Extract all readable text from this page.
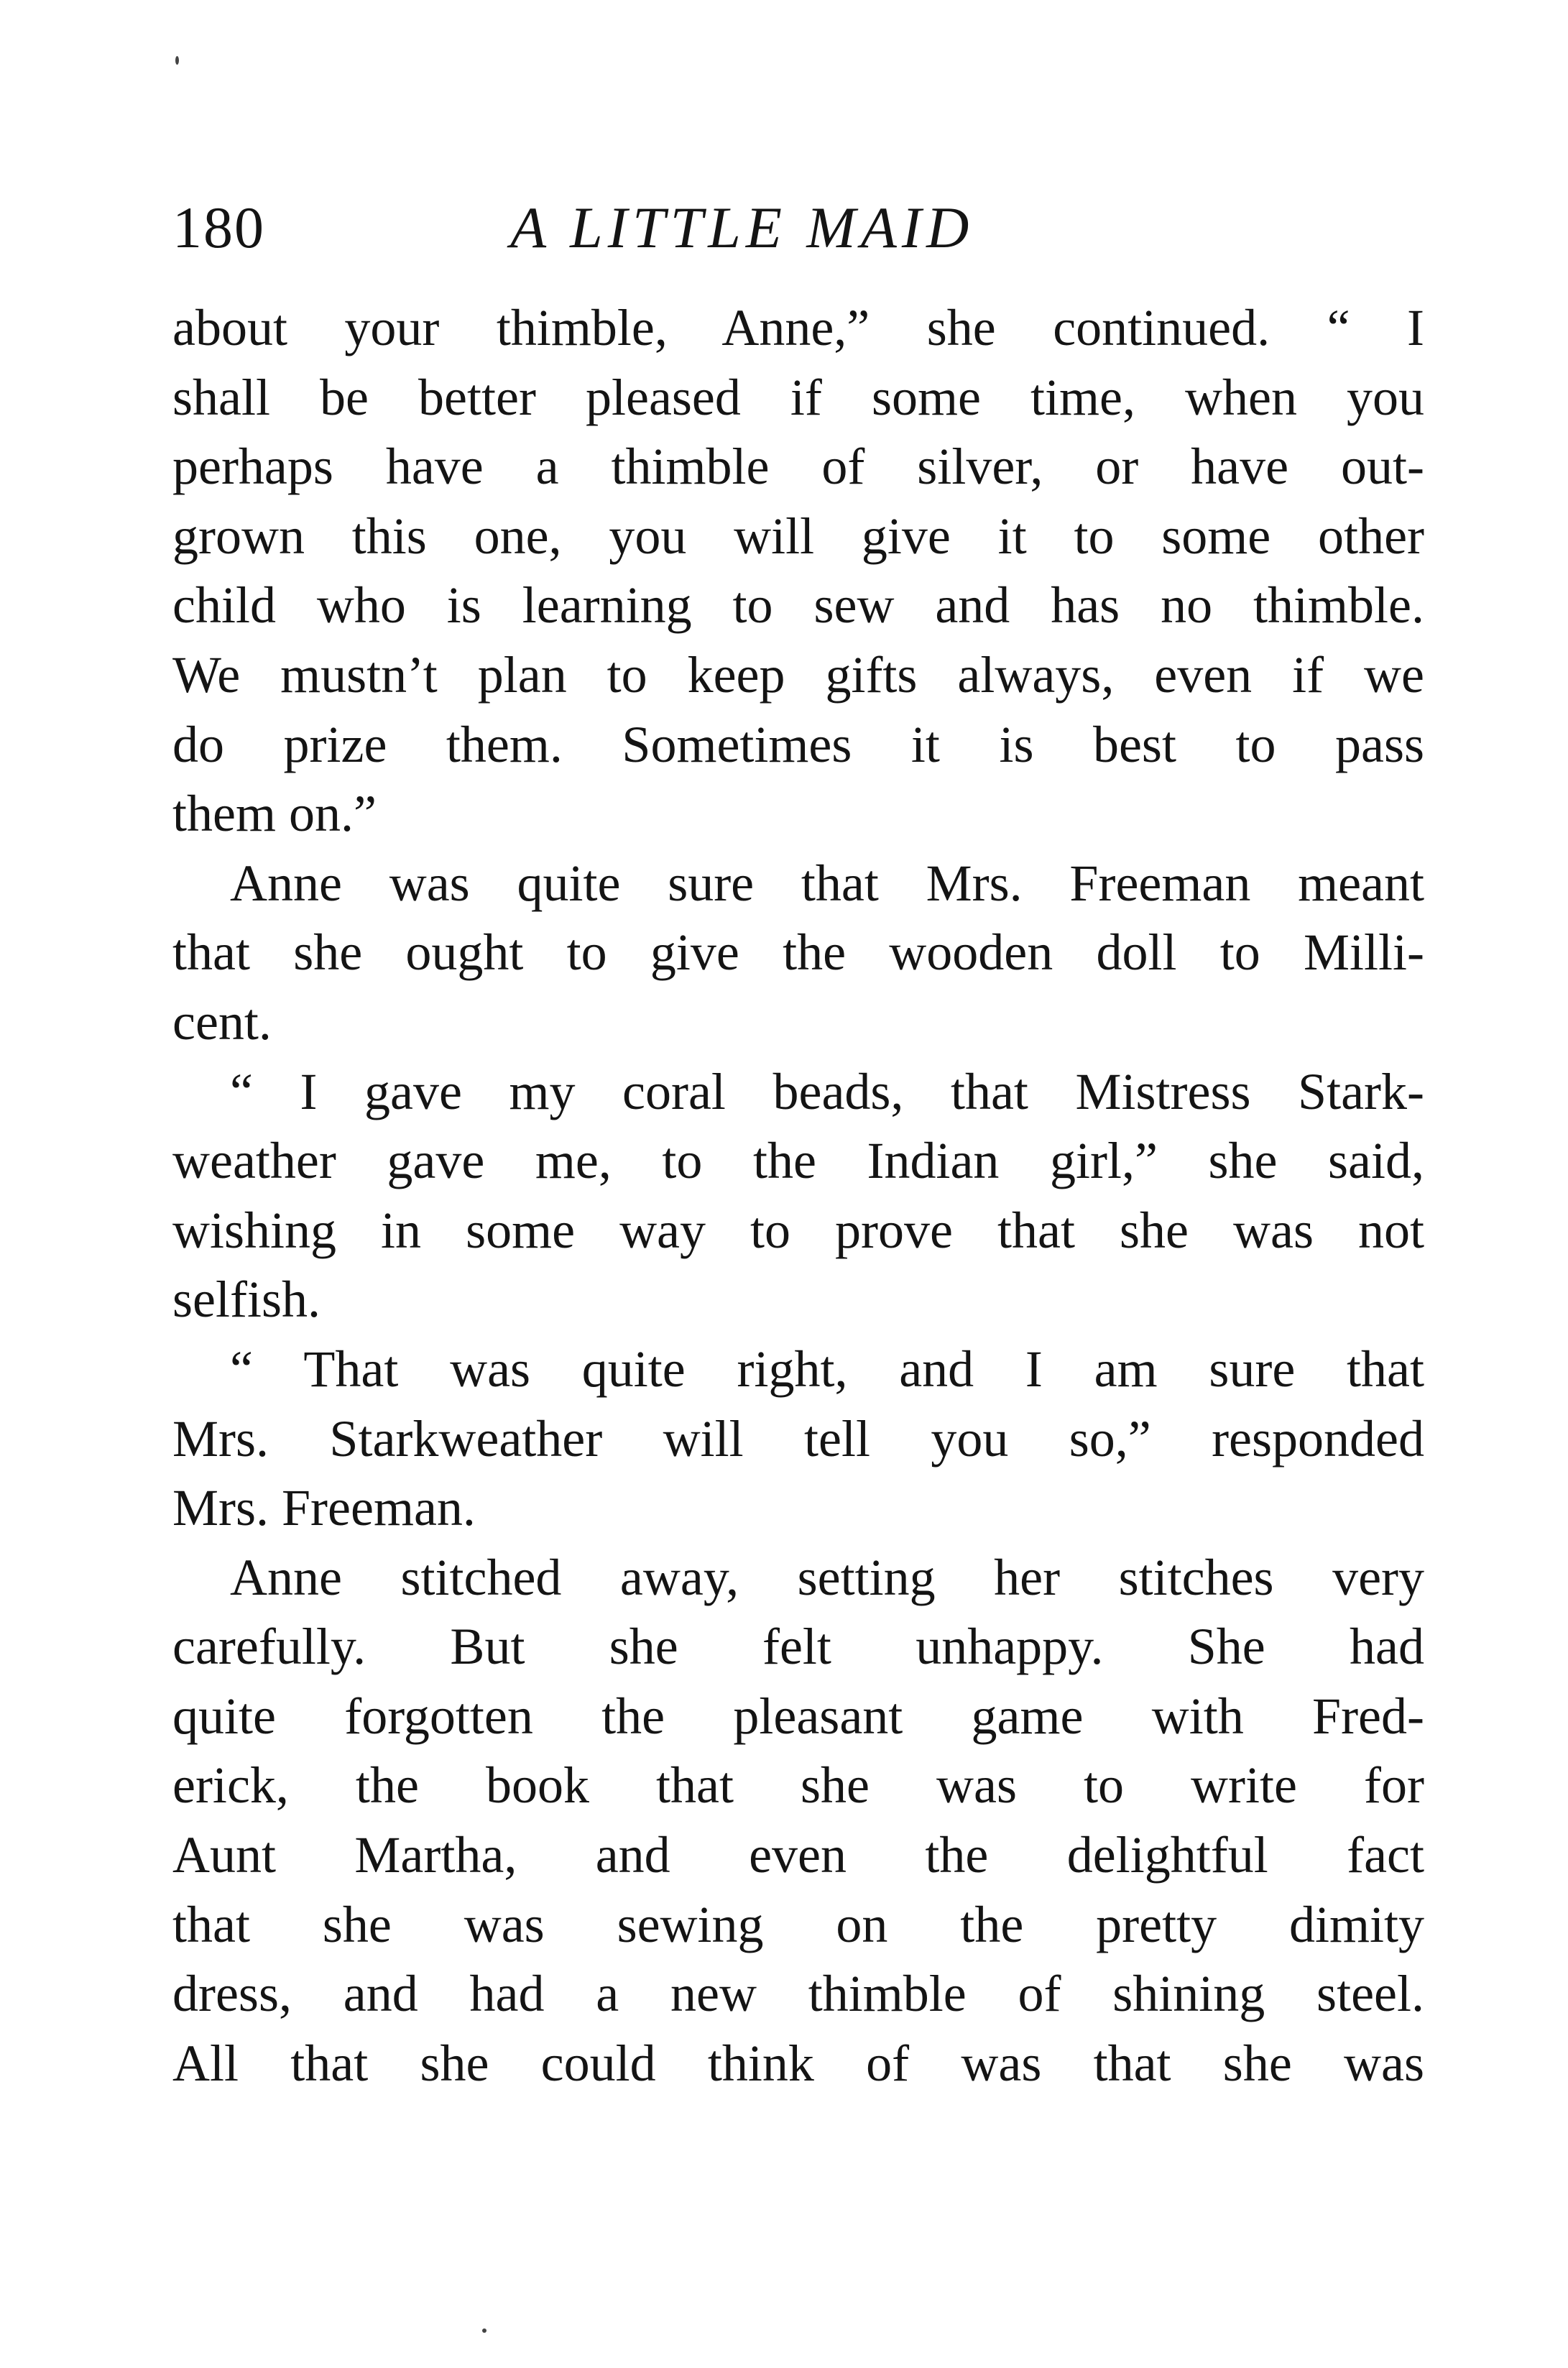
180	A LITTLE MAID
about your thimble, Anne,” she continued. “ I
shall be better pleased if some time, when you
perhaps have a thimble of silver, or have out-
grown this one, you will give it to some other
child who is learning to sew and has no thimble.
We mustn’t plan to keep gifts always, even if we
do prize them. Sometimes it is best to pass
them on.”
Anne was quite sure that Mrs. Freeman meant
that she ought to give the wooden doll to Milli-
cent.
“ I gave my coral beads, that Mistress Stark-
weather gave me, to the Indian girl,” she said,
wishing in some way to prove that she was not
selfish.
“ That was quite right, and I am sure that
Mrs. Starkweather will tell you so,” responded
Mrs. Freeman.
Anne stitched away, setting her stitches very
carefully. But she felt unhappy. She had
quite forgotten the pleasant game with Fred-
erick, the book that she was to write for
Aunt Martha, and even the delightful fact
that she was sewing on the pretty dimity
dress, and had a new thimble of shining steel.
All that she could think of was that she was
